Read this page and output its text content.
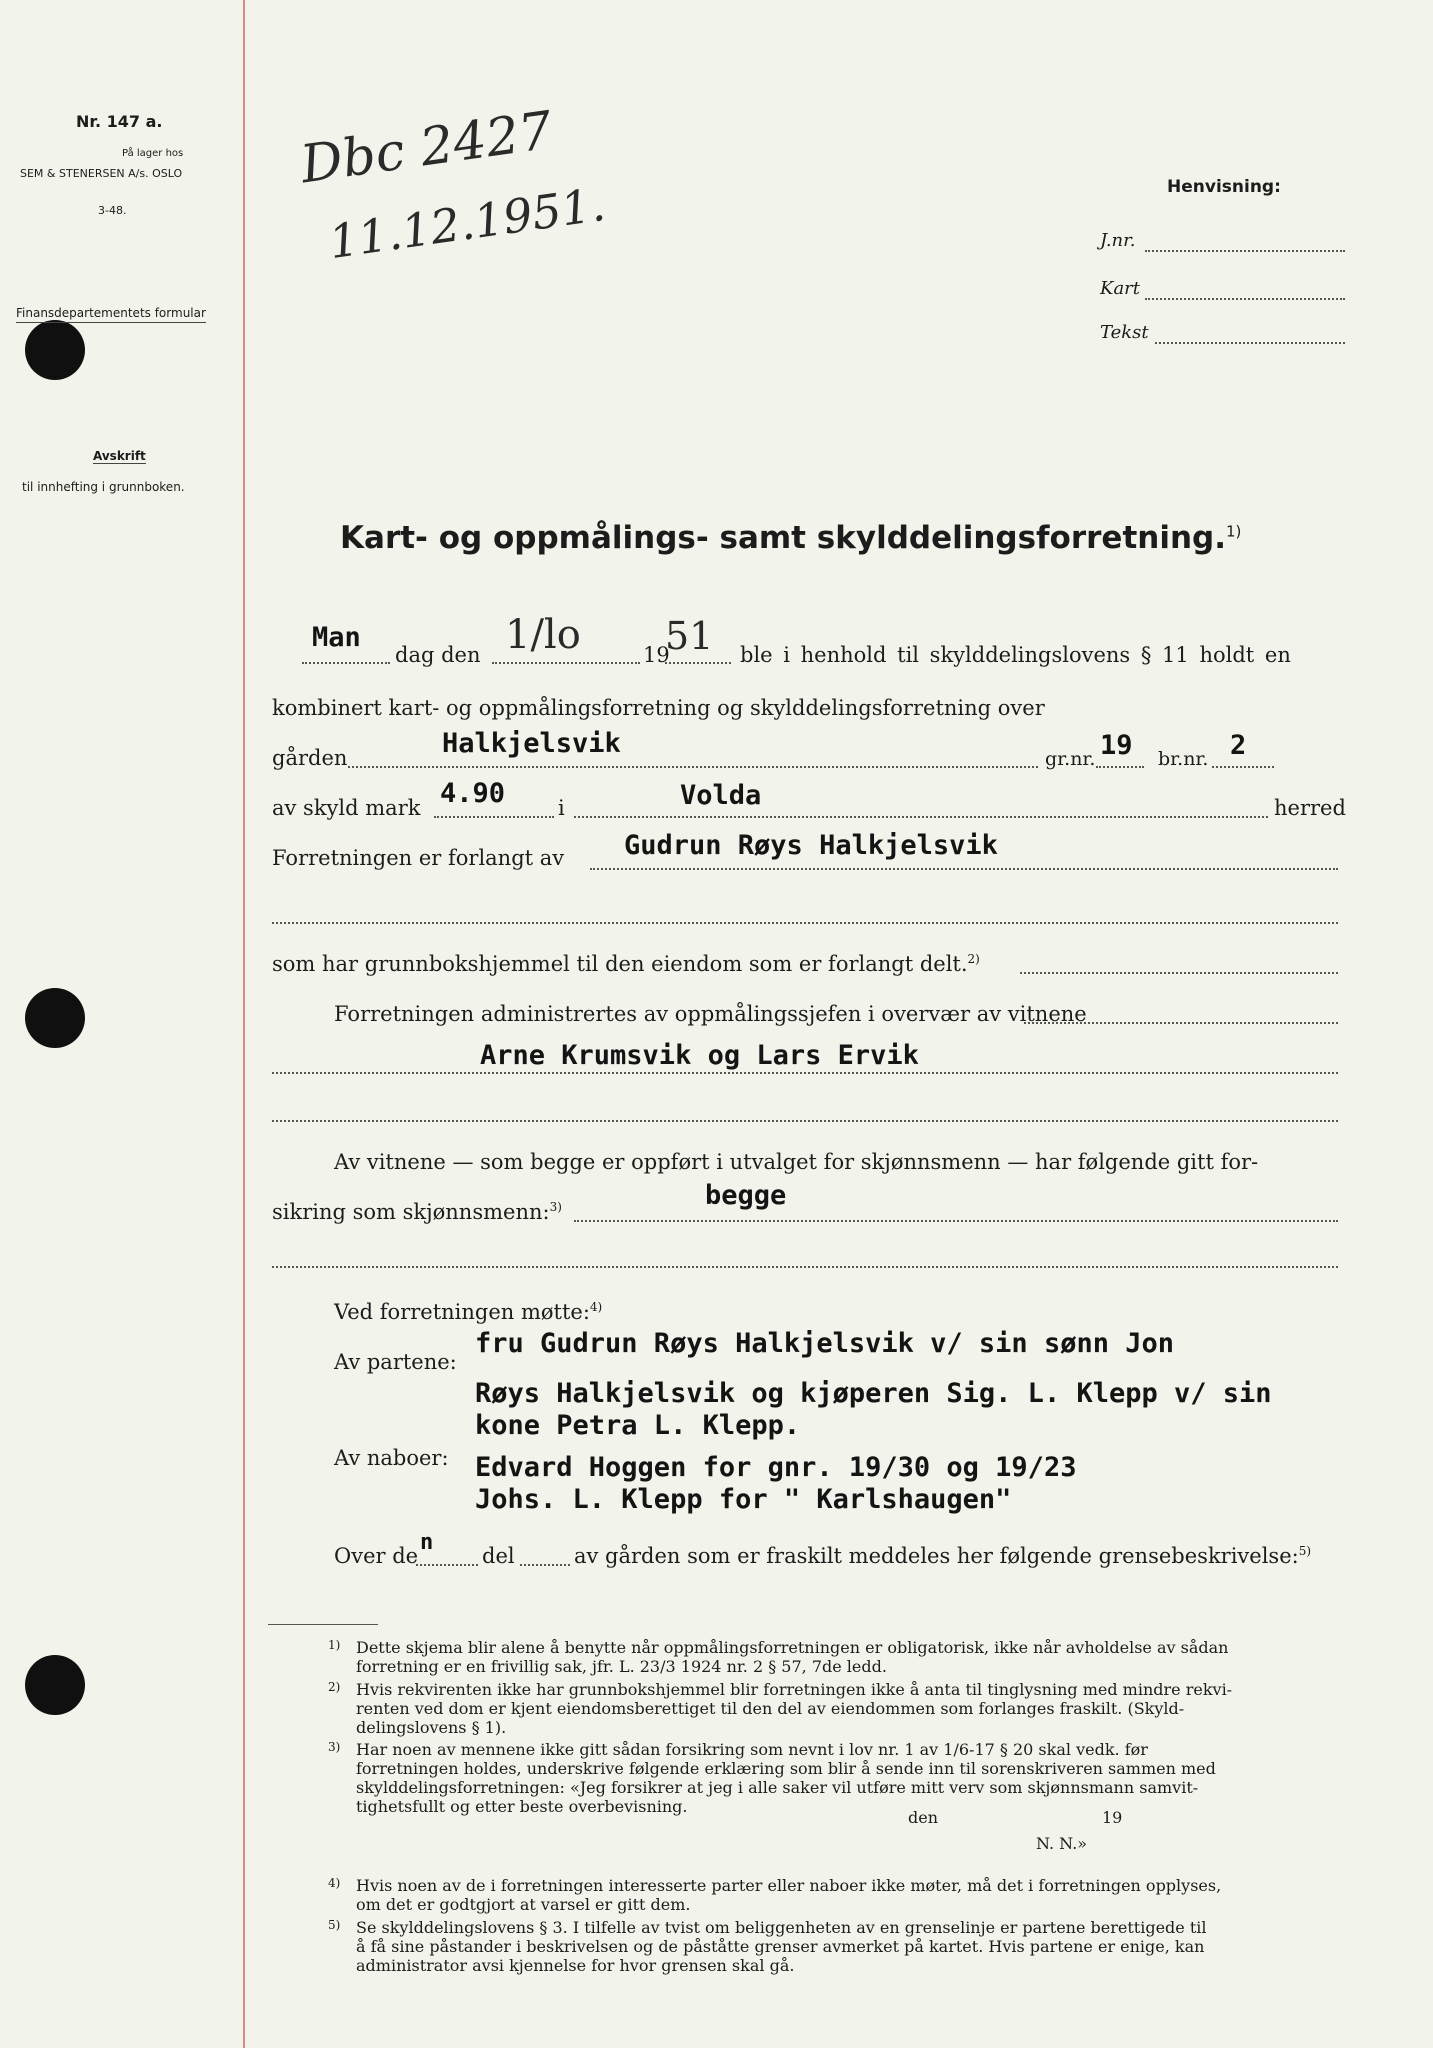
Nr. 147 a.
På lager hos
SEM & STENERSEN A/s. OSLO
3-48.
Finansdepartementets formular
Avskrift
til innhefting i grunnboken.
Dbc 2427
11.12.1951.	Henvisning:
J.nr.
Kart
Tekst
Kart- og oppmålings- samt skylddelingsforretning.$^{1)}$
Man
dag den 1/lo	19
51 ble i henhold til skylddelingslovens § 11 holdt en
kombinert kart- og oppmålingsforretning og skylddelingsforretning over
gården	Halkjelsvik	gr.nr. 19 br.nr. 2
av skyld mark 4.90	i	Volda	herred
Forretningen er forlangt av Gudrun Røys Halkjelsvik
som har grunnbokshjemmel til den eiendom som er forlangt delt.$^{2)}$
Forretningen administrertes av oppmålingssjefen i overvær av vitnene
Arne Krumsvik og Lars Ervik
Av vitnene — som begge er oppført i utvalget for skjønnsmenn — har følgende gitt for-
sikring som skjønnsmenn:$^{3)}$	begge
Ved forretningen møtte:$^{4)}$
Av partene:
fru Gudrun Røys Halkjelsvik v/ sin sønn Jon
Røys Halkjelsvik og kjøperen Sig. L. Klepp v/ sin
kone Petra L. Klepp.
Av naboer: Edvard Hoggen for gnr. 19/30 og 19/23
Johs. L. Klepp for " Karlshaugen"
Over de
n
del	av gården som er fraskilt meddeles her følgende grensebeskrivelse:$^{5)}$
1) Dette skjema blir alene å benytte når oppmålingsforretningen er obligatorisk, ikke når avholdelse av sådan
forretning er en frivillig sak, jfr. L. 23/3 1924 nr. 2 § 57, 7de ledd.
2) Hvis rekvirenten ikke har grunnbokshjemmel blir forretningen ikke å anta til tinglysning med mindre rekvi-
renten ved dom er kjent eiendomsberettiget til den del av eiendommen som forlanges fraskilt. (Skyld-
delingslovens § 1).
3) Har noen av mennene ikke gitt sådan forsikring som nevnt i lov nr. 1 av 1/6-17 § 20 skal vedk. før
forretningen holdes, underskrive følgende erklæring som blir å sende inn til sorenskriveren sammen med
skylddelingsforretningen: «Jeg forsikrer at jeg i alle saker vil utføre mitt verv som skjønnsmann samvit-
tighetsfullt og etter beste overbevisning.
4) Hvis noen av de i forretningen interesserte parter eller naboer ikke møter, må det i forretningen opplyses,
om det er godtgjort at varsel er gitt dem.
5) Se skylddelingslovens § 3. I tilfelle av tvist om beliggenheten av en grenselinje er partene berettigede til
å få sine påstander i beskrivelsen og de påståtte grenser avmerket på kartet. Hvis partene er enige, kan
administrator avsi kjennelse for hvor grensen skal gå.
den	19
N. N.»
